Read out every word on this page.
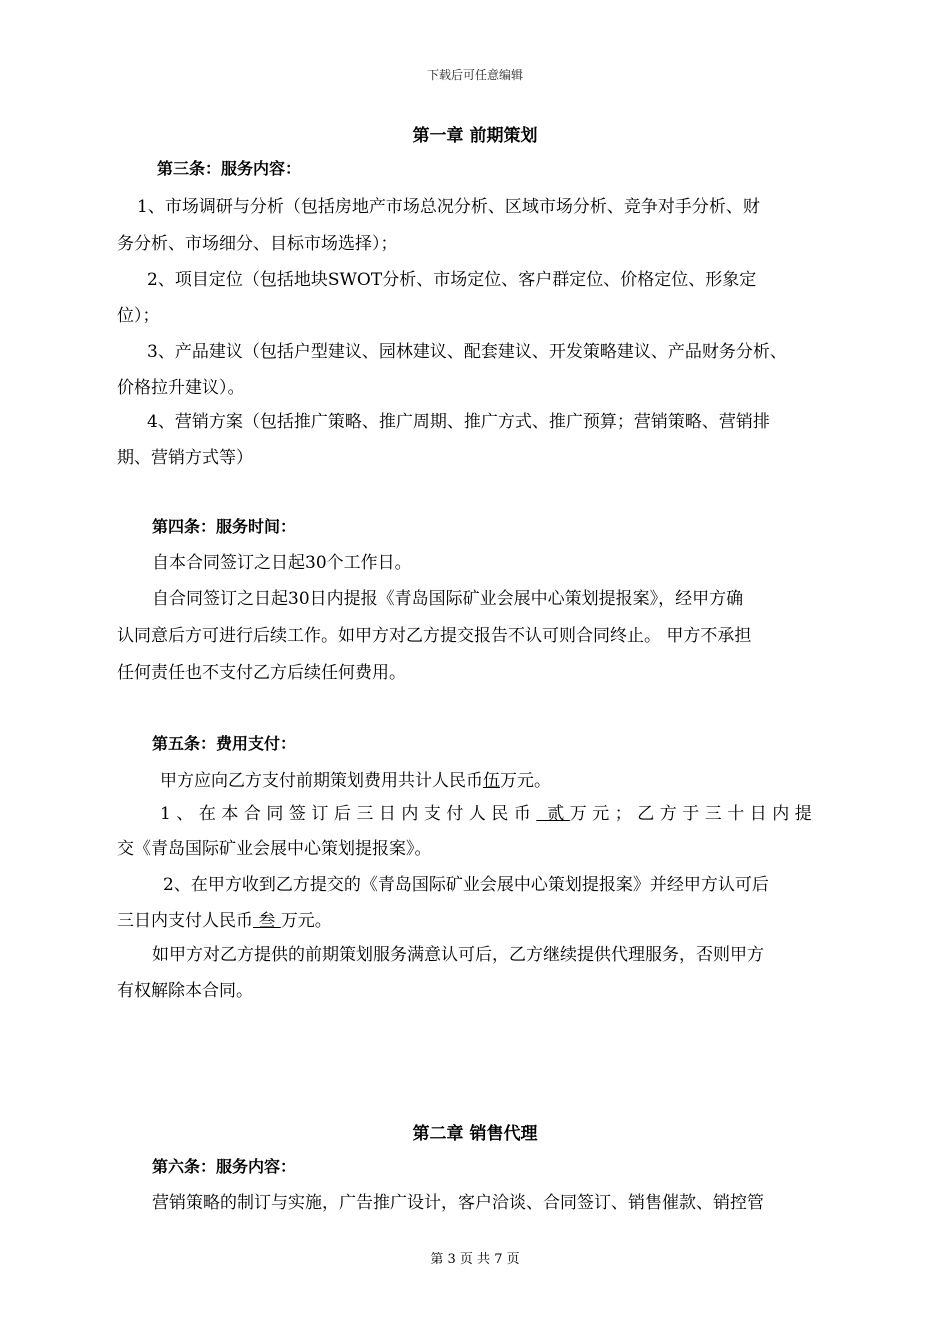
下载后可任意编辑
第一章 前期策划
第三条：服务内容：
1、市场调研与分析（包括房地产市场总况分析、区域市场分析、竞争对手分析、财
务分析、市场细分、目标市场选择）；
2、项目定位（包括地块SWOT分析、市场定位、客户群定位、价格定位、形象定
位）；
3、产品建议（包括户型建议、园林建议、配套建议、开发策略建议、产品财务分析、
价格拉升建议）。
4、营销方案（包括推广策略、推广周期、推广方式、推广预算；营销策略、营销排
期、营销方式等）
第四条：服务时间：
自本合同签订之日起30个工作日。
自合同签订之日起30日内提报《青岛国际矿业会展中心策划提报案》，经甲方确
认同意后方可进行后续工作。如甲方对乙方提交报告不认可则合同终止。 甲方不承担
任何责任也不支付乙方后续任何费用。
第五条：费用支付：
甲方应向乙方支付前期策划费用共计人民币伍万元。
1、在本合同签订后三日内支付人民币 贰万元；乙方于三十日内提
交《青岛国际矿业会展中心策划提报案》。
2、在甲方收到乙方提交的《青岛国际矿业会展中心策划提报案》并经甲方认可后
三日内支付人民币 叁 万元。
如甲方对乙方提供的前期策划服务满意认可后，乙方继续提供代理服务，否则甲方
有权解除本合同。
第二章 销售代理
第六条：服务内容：
营销策略的制订与实施，广告推广设计，客户洽谈、合同签订、销售催款、销控管
第 3 页 共 7 页
